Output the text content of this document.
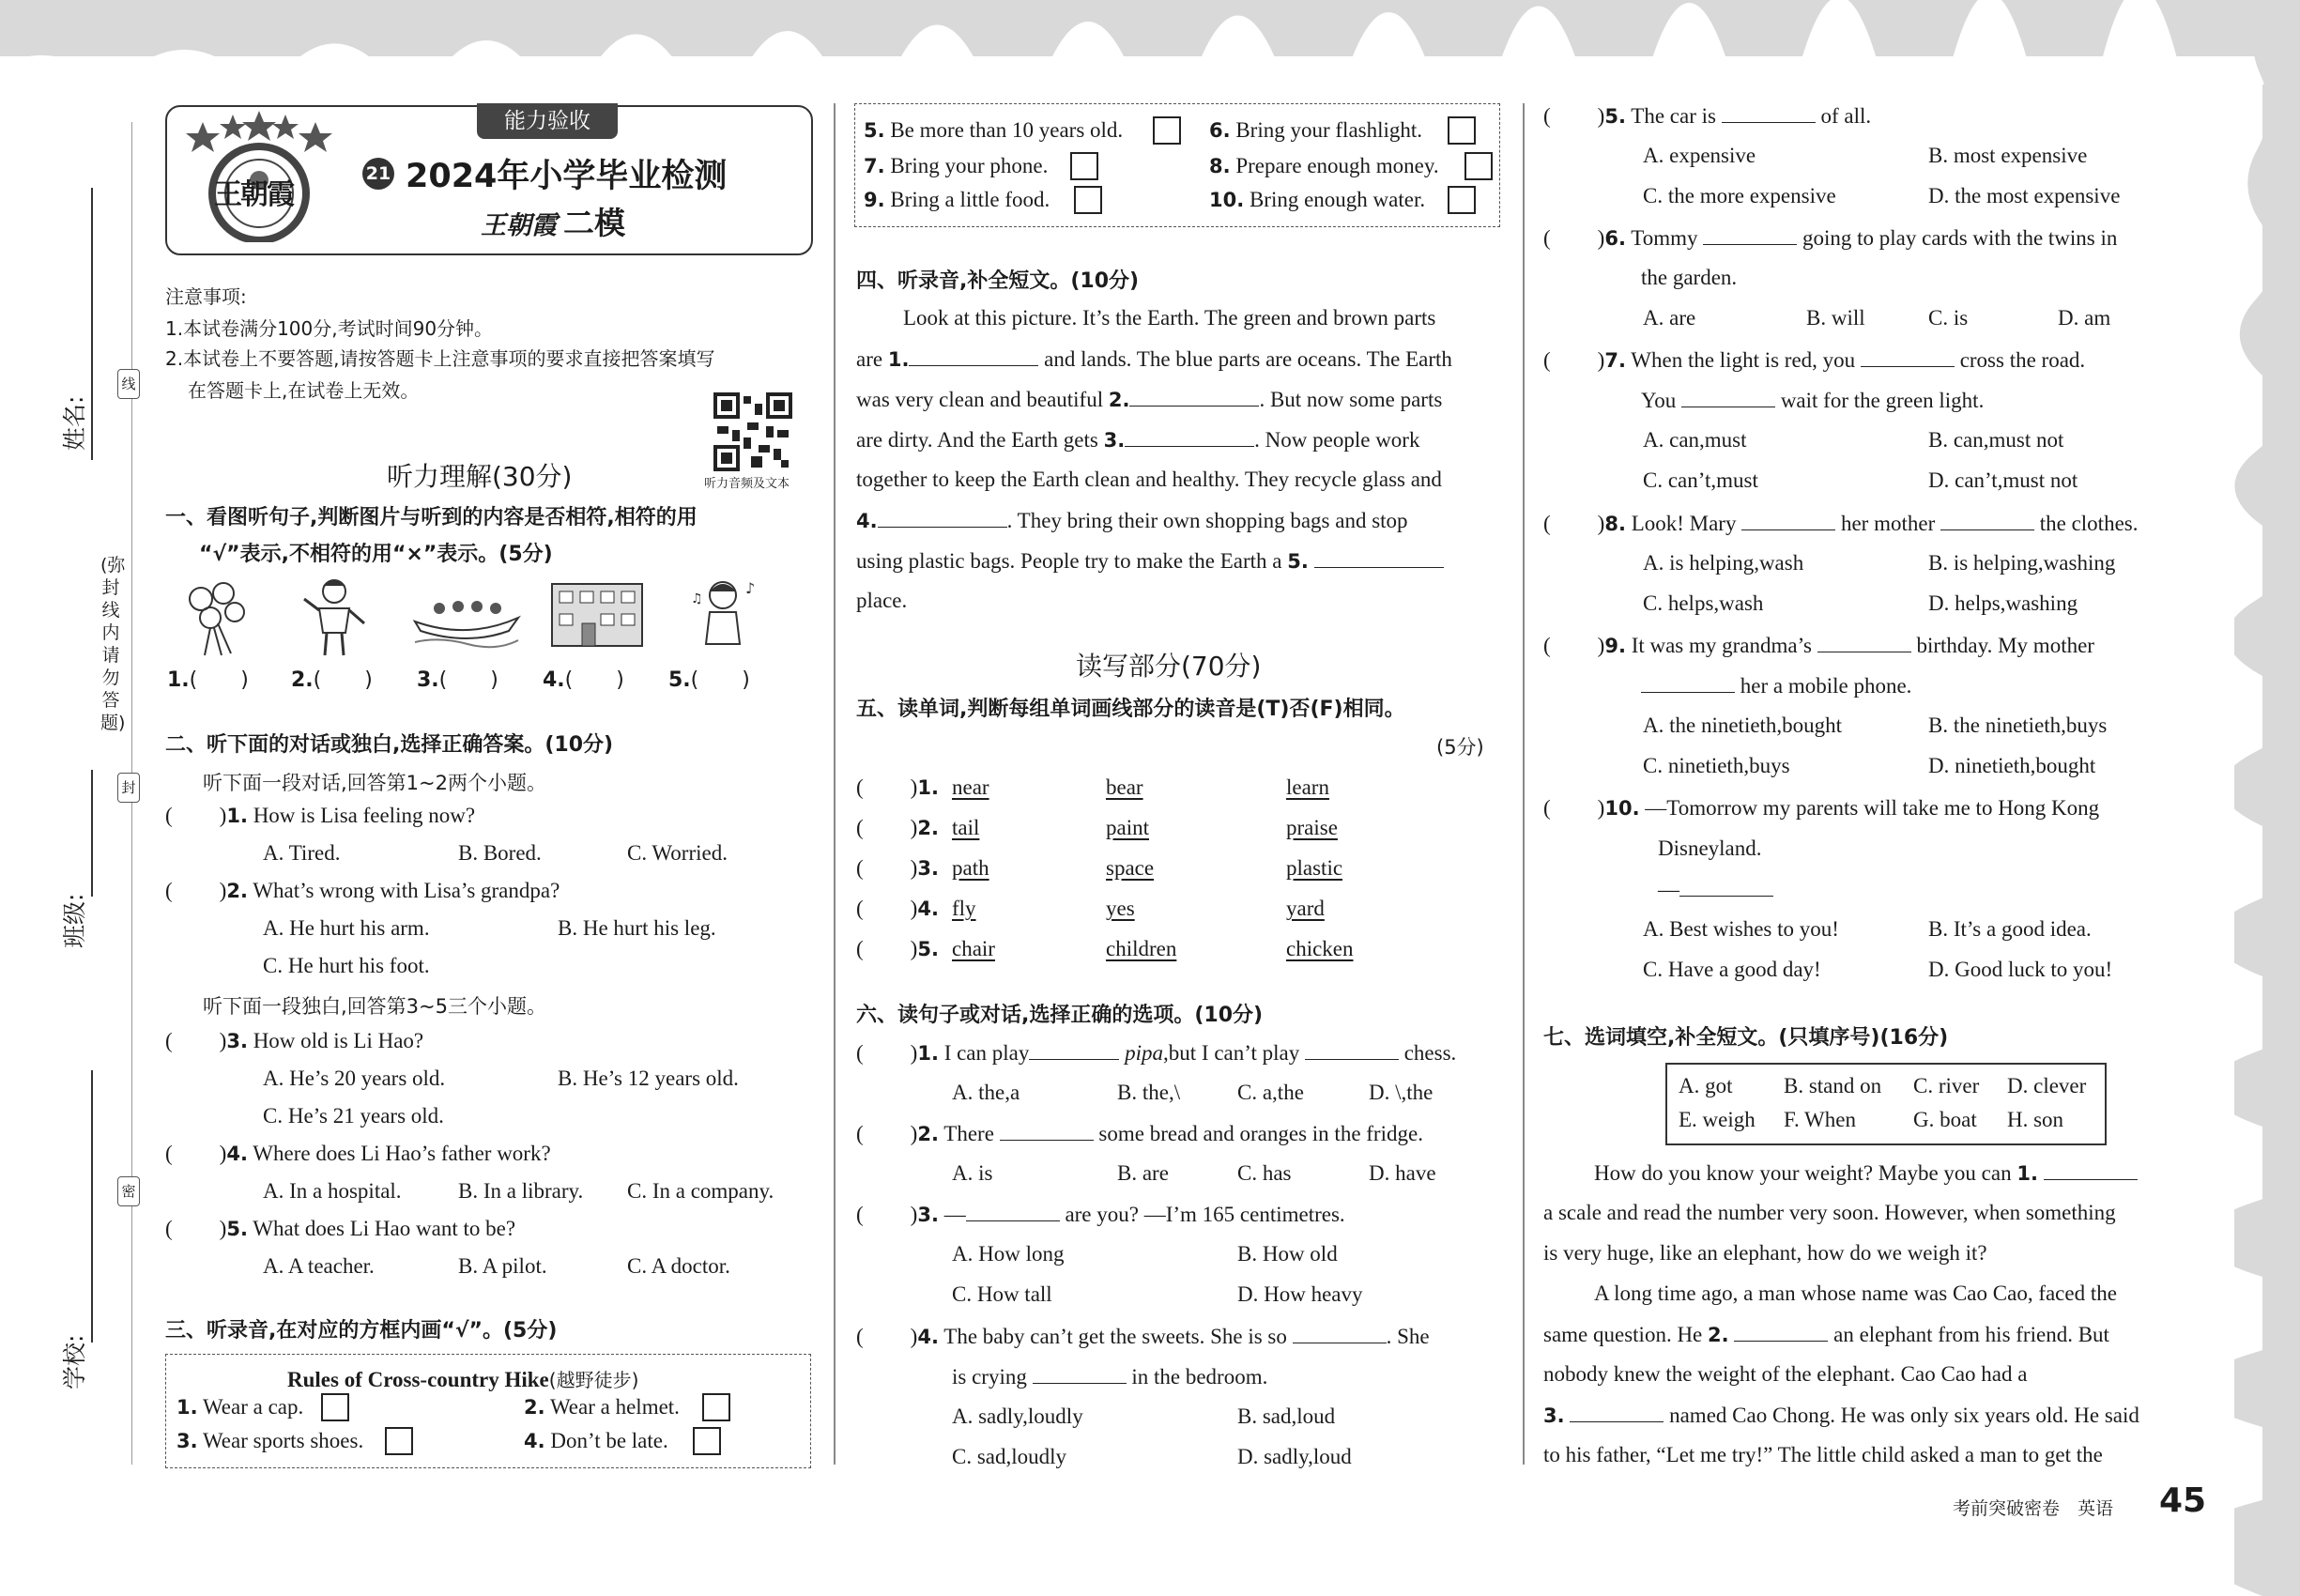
姓名:
班级:
学校:
线
封
密
(弥封线内请勿答题)
能力验收
王朝霞
21 2024年小学毕业检测
王朝霞 二模
注意事项:
1.本试卷满分100分,考试时间90分钟。
2.本试卷上不要答题,请按答题卡上注意事项的要求直接把答案填写
在答题卡上,在试卷上无效。
听力音频及文本
听力理解(30分)
一、看图听句子,判断图片与听到的内容是否相符,相符的用
“√”表示,不相符的用“×”表示。(5分)
♪
♫
1.( ) 2.( ) 3.( ) 4.( ) 5.( )
二、听下面的对话或独白,选择正确答案。(10分)
听下面一段对话,回答第1~2两个小题。
( )1. How is Lisa feeling now?
A. Tired.	B. Bored.	C. Worried.
( )2. What’s wrong with Lisa’s grandpa?
A. He hurt his arm.	B. He hurt his leg.
C. He hurt his foot.
听下面一段独白,回答第3~5三个小题。
( )3. How old is Li Hao?
A. He’s 20 years old.	B. He’s 12 years old.
C. He’s 21 years old.
( )4. Where does Li Hao’s father work?
A. In a hospital.	B. In a library. C. In a company.
( )5. What does Li Hao want to be?
A. A teacher.	B. A pilot.	C. A doctor.
三、听录音,在对应的方框内画“√”。(5分)
Rules of Cross-country Hike(越野徒步)
1. Wear a cap.	2. Wear a helmet.
3. Wear sports shoes.	4. Don’t be late.
5. Be more than 10 years old.	6. Bring your flashlight.
7. Bring your phone.	8. Prepare enough money.
9. Bring a little food.	10. Bring enough water.
四、听录音,补全短文。(10分)
Look at this picture. It’s the Earth. The green and brown parts
are 1.	and lands. The blue parts are oceans. The Earth
was very clean and beautiful 2.	. But now some parts
are dirty. And the Earth gets 3.	. Now people work
together to keep the Earth clean and healthy. They recycle glass and
4.	. They bring their own shopping bags and stop
using plastic bags. People try to make the Earth a 5.
place.
读写部分(70分)
五、读单词,判断每组单词画线部分的读音是(T)否(F)相同。
(5分)
( )1. near	bear	learn
( )2. tail	paint	praise
( )3. path	space	plastic
( )4. fly	yes	yard
( )5. chair	children	chicken
六、读句子或对话,选择正确的选项。(10分)
( )1. I can play	pipa,but I can’t play	chess.
A. the,a	B. the,\	C. a,the	D. \,the
( )2. There	some bread and oranges in the fridge.
A. is	B. are	C. has	D. have
( )3. —	are you? —I’m 165 centimetres.
A. How long	B. How old
C. How tall	D. How heavy
( )4. The baby can’t get the sweets. She is so	. She
is crying	in the bedroom.
A. sadly,loudly	B. sad,loud
C. sad,loudly	D. sadly,loud
( )5. The car is	of all.
A. expensive	B. most expensive
C. the more expensive	D. the most expensive
( )6. Tommy	going to play cards with the twins in
the garden.
A. are	B. will	C. is	D. am
( )7. When the light is red, you	cross the road.
You	wait for the green light.
A. can,must	B. can,must not
C. can’t,must	D. can’t,must not
( )8. Look! Mary	her mother	the clothes.
A. is helping,wash	B. is helping,washing
C. helps,wash	D. helps,washing
( )9. It was my grandma’s	birthday. My mother
her a mobile phone.
A. the ninetieth,bought	B. the ninetieth,buys
C. ninetieth,buys	D. ninetieth,bought
( )10. —Tomorrow my parents will take me to Hong Kong
Disneyland.
—
A. Best wishes to you!	B. It’s a good idea.
C. Have a good day!	D. Good luck to you!
七、选词填空,补全短文。(只填序号)(16分)
A. got B. stand on C. river D. clever
E. weigh F. When	G. boat H. son
How do you know your weight? Maybe you can 1.
a scale and read the number very soon. However, when something
is very huge, like an elephant, how do we weigh it?
A long time ago, a man whose name was Cao Cao, faced the
same question. He 2.	an elephant from his friend. But
nobody knew the weight of the elephant. Cao Cao had a
3.	named Cao Chong. He was only six years old. He said
to his father, “Let me try!” The little child asked a man to get the
考前突破密卷　英语 45
